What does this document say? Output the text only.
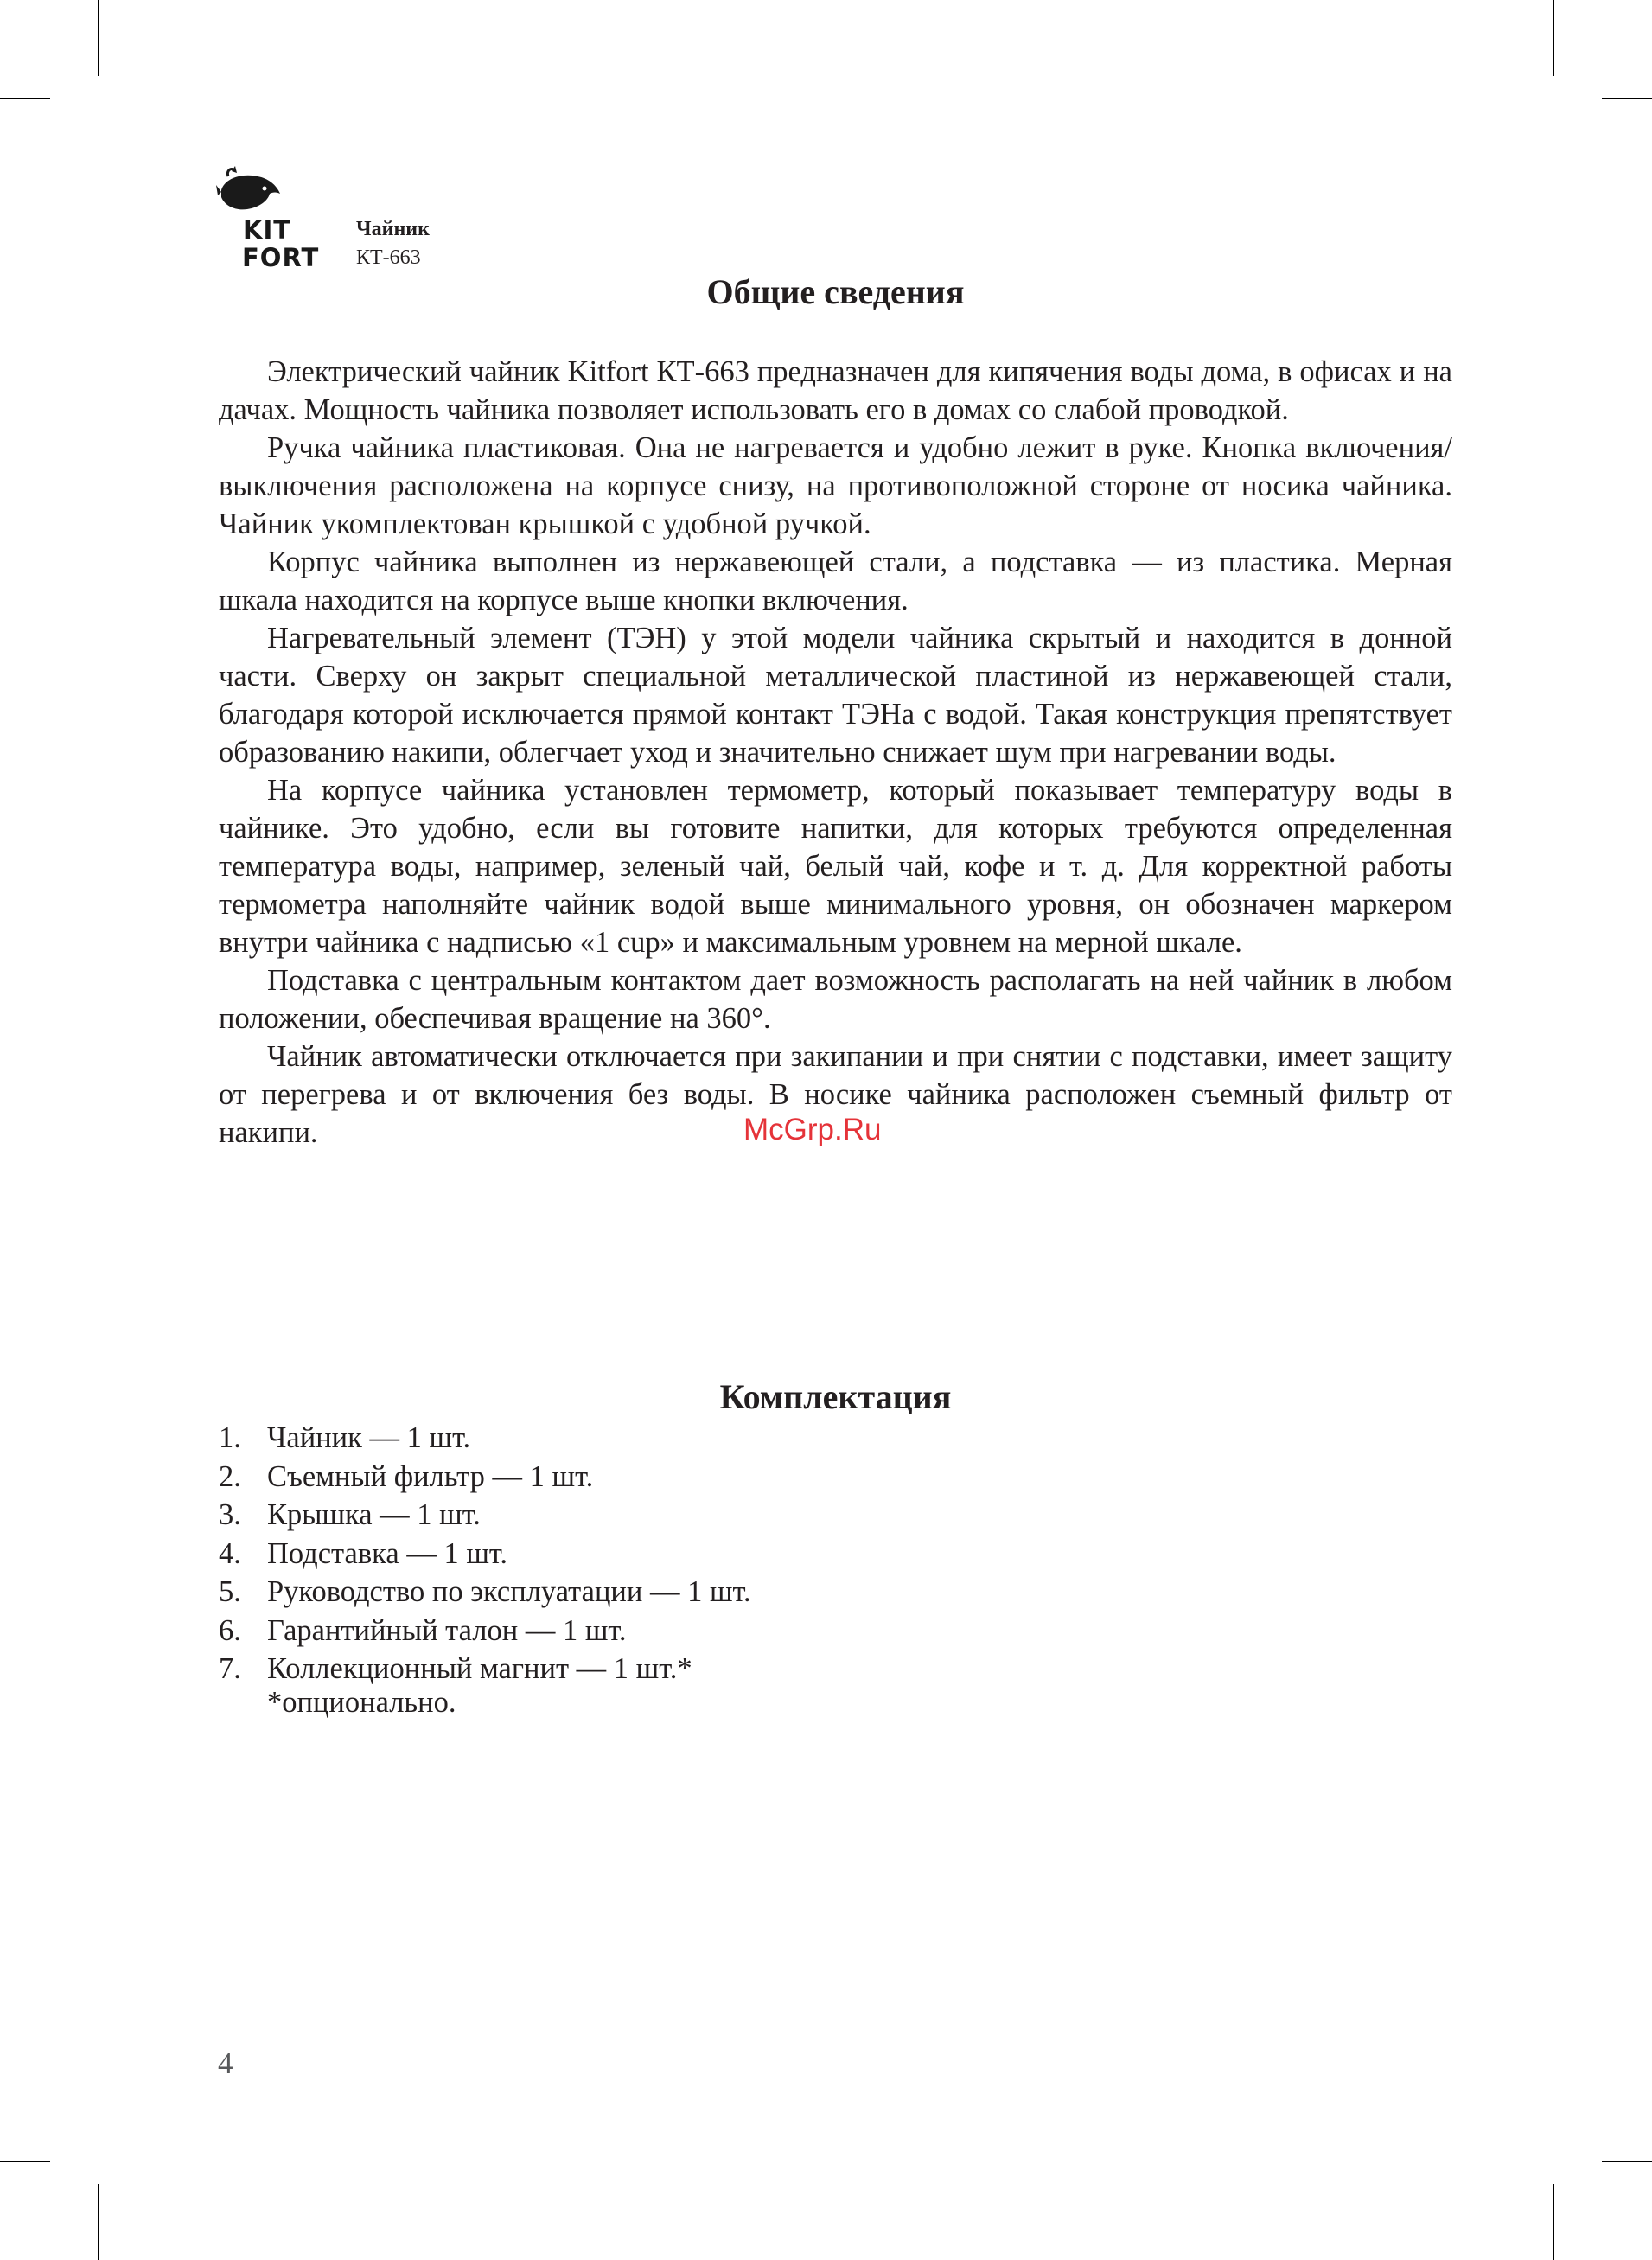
KIT
FORT
Чайник
КТ-663
Общие сведения

Электрический чайник Kitfort КТ-663 предназначен для кипячения воды дома, в офисах и на дачах. Мощность чайника позволяет использовать его в домах со слабой проводкой.

Ручка чайника пластиковая. Она не нагревается и удобно лежит в руке. Кнопка включения/выключения расположена на корпусе снизу, на противоположной стороне от носика чайника. Чайник укомплектован крышкой с удобной ручкой.

Корпус чайника выполнен из нержавеющей стали, а подставка — из пластика. Мерная шкала находится на корпусе выше кнопки включения.

Нагревательный элемент (ТЭН) у этой модели чайника скрытый и находится в донной части. Сверху он закрыт специальной металлической пластиной из нержавеющей стали, благодаря которой исключается прямой контакт ТЭНа с водой. Такая конструкция препятствует образованию накипи, облегчает уход и значительно снижает шум при нагревании воды.

На корпусе чайника установлен термометр, который показывает температуру воды в чайнике. Это удобно, если вы готовите напитки, для которых требуются определенная температура воды, например, зеленый чай, белый чай, кофе и т. д. Для корректной работы термометра наполняйте чайник водой выше минимального уровня, он обозначен маркером внутри чайника с надписью «1 cup» и максимальным уровнем на мерной шкале.

Подставка с центральным контактом дает возможность располагать на ней чайник в любом положении, обеспечивая вращение на 360°.

Чайник автоматически отключается при закипании и при снятии с подставки, имеет защиту от перегрева и от включения без воды. В носике чайника расположен съемный фильтр от накипи.	McGrp.Ru
Комплектация
1. Чайник — 1 шт.
2. Съемный фильтр — 1 шт.
3. Крышка — 1 шт.
4. Подставка — 1 шт.
5. Руководство по эксплуатации — 1 шт.
6. Гарантийный талон — 1 шт.
7. Коллекционный магнит — 1 шт.*
*опционально.
4
